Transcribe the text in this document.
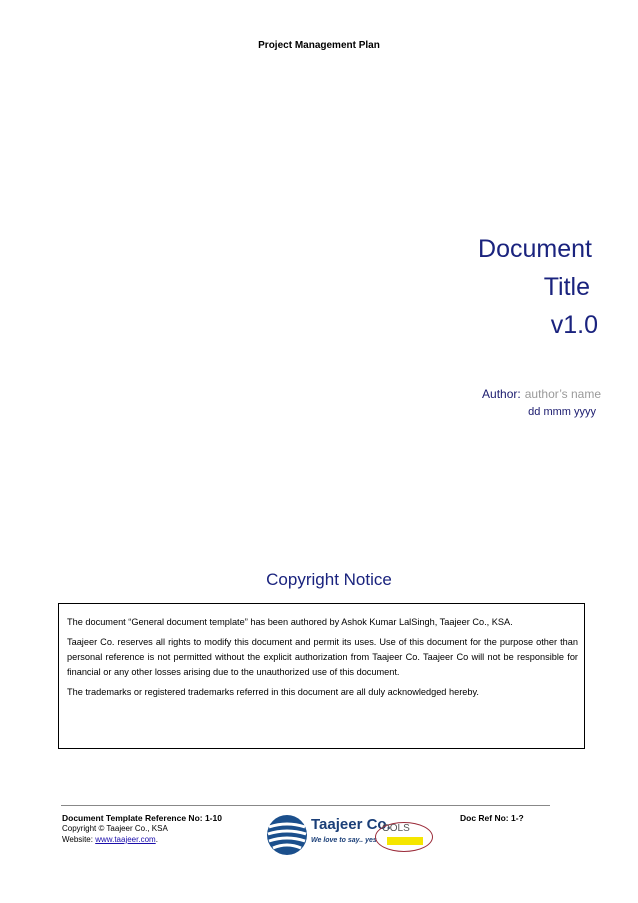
Project Management Plan
Document
Title
v1.0
Author: author’s name
dd mmm yyyy
Copyright Notice

The document “General document template” has been authored by Ashok Kumar LalSingh, Taajeer Co., KSA.

Taajeer Co. reserves all rights to modify this document and permit its uses. Use of this document for the purpose other than personal reference is not permitted without the explicit authorization from Taajeer Co. Taajeer Co will not be responsible for financial or any other losses arising due to the unauthorized use of this document.

The trademarks or registered trademarks referred in this document are all duly acknowledged hereby.

Document Template Reference No: 1-10
Copyright © Taajeer Co., KSA
Website: www.taajeer.com.
Doc Ref No: 1-?
Taajeer Co.
We love to say.. yes
OOLS
